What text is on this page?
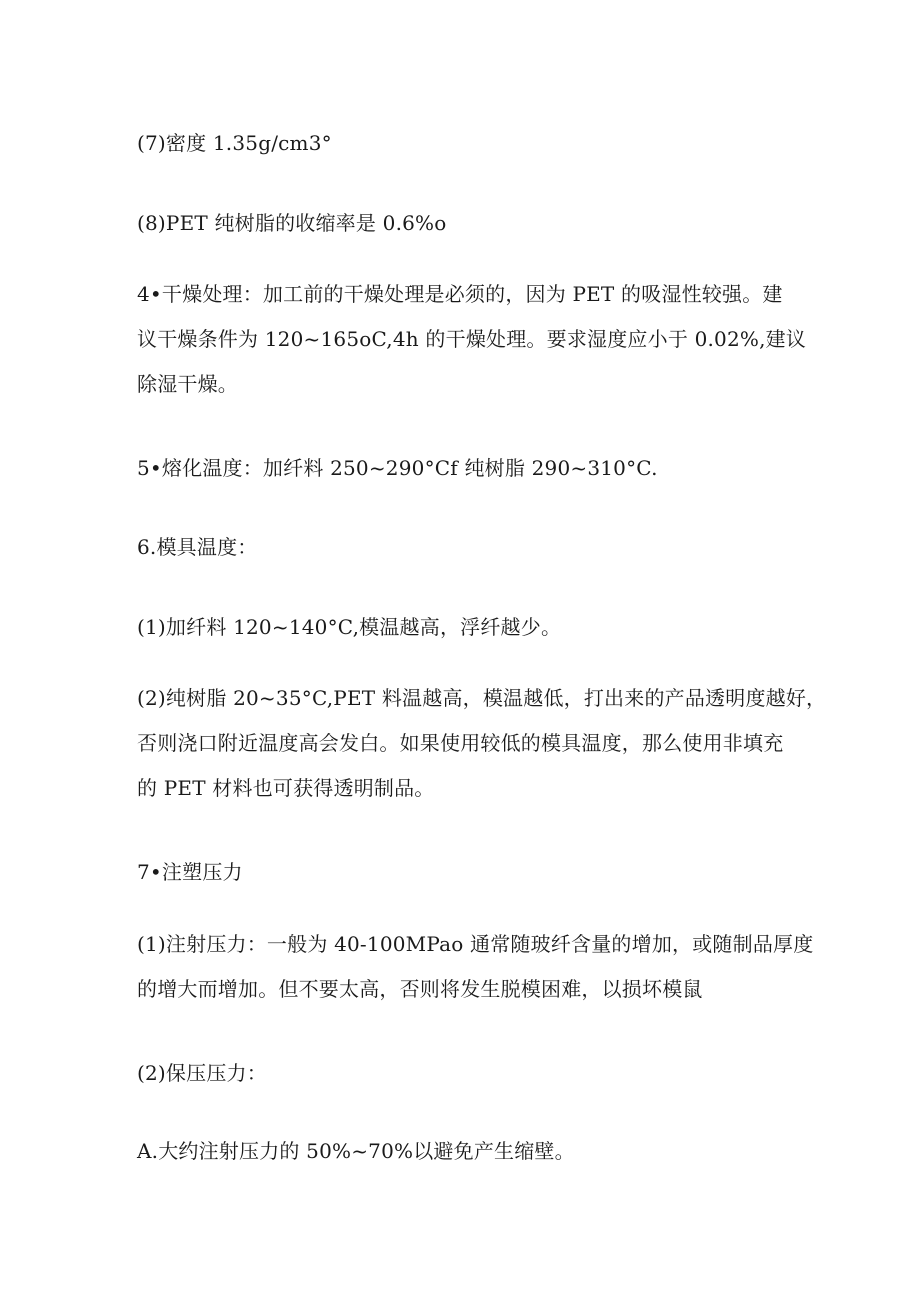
(7)密度 1.35g/cm3°

(8)PET 纯树脂的收缩率是 0.6%o

4•干燥处理：加工前的干燥处理是必须的，因为 PET 的吸湿性较强。建
议干燥条件为 120~165oC,4h 的干燥处理。要求湿度应小于 0.02%,建议
除湿干燥。

5•熔化温度：加纤料 250~290°Cf 纯树脂 290~310°C.

6.模具温度：

(1)加纤料 120~140°C,模温越高，浮纤越少。

(2)纯树脂 20~35°C,PET 料温越高，模温越低，打出来的产品透明度越好，
否则浇口附近温度高会发白。如果使用较低的模具温度，那么使用非填充
的 PET 材料也可获得透明制品。

7•注塑压力

(1)注射压力：一般为 40-100MPao 通常随玻纤含量的增加，或随制品厚度
的增大而增加。但不要太高，否则将发生脱模困难，以损坏模鼠

(2)保压压力：

A.大约注射压力的 50%~70%以避免产生缩壁。
